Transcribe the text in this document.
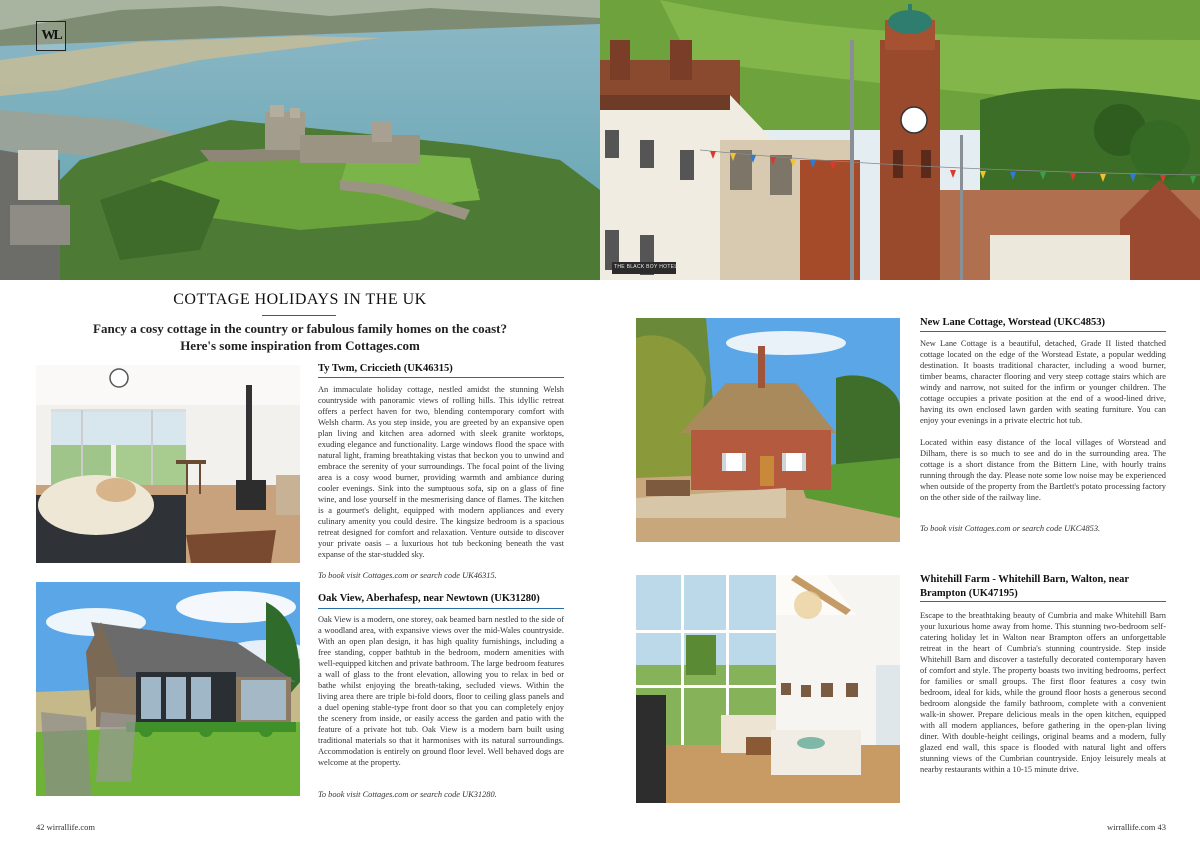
WL
THE BLACK BOY HOTEL
COTTAGE HOLIDAYS IN THE UK
Fancy a cosy cottage in the country or fabulous family homes on the coast? Here's some inspiration from Cottages.com
Ty Twm, Criccieth (UK46315)
An immaculate holiday cottage, nestled amidst the stunning Welsh countryside with panoramic views of rolling hills. This idyllic retreat offers a perfect haven for two, blending contemporary comfort with Welsh charm. As you step inside, you are greeted by an expansive open plan living and kitchen area adorned with sleek granite worktops, exuding elegance and functionality. Large windows flood the space with natural light, framing breathtaking vistas that beckon you to unwind and embrace the serenity of your surroundings. The focal point of the living area is a cosy wood burner, providing warmth and ambiance during cooler evenings. Sink into the sumptuous sofa, sip on a glass of fine wine, and lose yourself in the mesmerising dance of flames. The kitchen is a gourmet's delight, equipped with modern appliances and every culinary amenity you could desire. The kingsize bedroom is a spacious retreat designed for comfort and relaxation. Venture outside to discover your private oasis – a luxurious hot tub beckoning beneath the vast expanse of the star-studded sky.
To book visit Cottages.com or search code UK46315.
Oak View, Aberhafesp, near Newtown (UK31280)
Oak View is a modern, one storey, oak beamed barn nestled to the side of a woodland area, with expansive views over the mid-Wales countryside. With an open plan design, it has high quality furnishings, including a free standing, copper bathtub in the bedroom, modern amenities with well-equipped kitchen and private bathroom. The large bedroom features a wall of glass to the front elevation, allowing you to relax in bed or bathe whilst enjoying the breath-taking, secluded views. Within the living area there are triple bi-fold doors, floor to ceiling glass panels and a duel opening stable-type front door so that you can completely enjoy the scenery from inside, or easily access the garden and patio with the feature of a private hot tub. Oak View is a modern barn built using traditional materials so that it harmonises with its natural surroundings. Accommodation is entirely on ground floor level. Well behaved dogs are welcome at the property.
To book visit Cottages.com or search code UK31280.
New Lane Cottage, Worstead (UKC4853)

New Lane Cottage is a beautiful, detached, Grade II listed thatched cottage located on the edge of the Worstead Estate, a popular wedding destination. It boasts traditional character, including a wood burner, timber beams, character flooring and very steep cottage stairs which are windy and narrow, not suited for the infirm or younger children. The cottage occupies a private position at the end of a wood-lined drive, having its own enclosed lawn garden with seating furniture. You can enjoy your evenings in a private electric hot tub.

Located within easy distance of the local villages of Worstead and Dilham, there is so much to see and do in the surrounding area. The cottage is a short distance from the Bittern Line, with hourly trains running through the day. Please note some low noise may be experienced when outside of the property from the Bartlett's potato processing factory on the other side of the railway line.

To book visit Cottages.com or search code UKC4853.
Whitehill Farm - Whitehill Barn, Walton, near Brampton (UK47195)
Escape to the breathtaking beauty of Cumbria and make Whitehill Barn your luxurious home away from home. This stunning two-bedroom self-catering holiday let in Walton near Brampton offers an unforgettable retreat in the heart of Cumbria's stunning countryside. Step inside Whitehill Barn and discover a tastefully decorated contemporary haven of comfort and style. The property boasts two inviting bedrooms, perfect for families or small groups. The first floor features a cosy twin bedroom, ideal for kids, while the ground floor hosts a generous second bedroom alongside the family bathroom, complete with a convenient walk-in shower. Prepare delicious meals in the open kitchen, equipped with all modern appliances, before gathering in the open-plan living diner. With double-height ceilings, original beams and a modern, fully glazed end wall, this space is flooded with natural light and offers stunning views of the Cumbrian countryside. Enjoy leisurely meals at nearby restaurants within a 10-15 minute drive.
42 wirrallife.com	wirrallife.com 43
